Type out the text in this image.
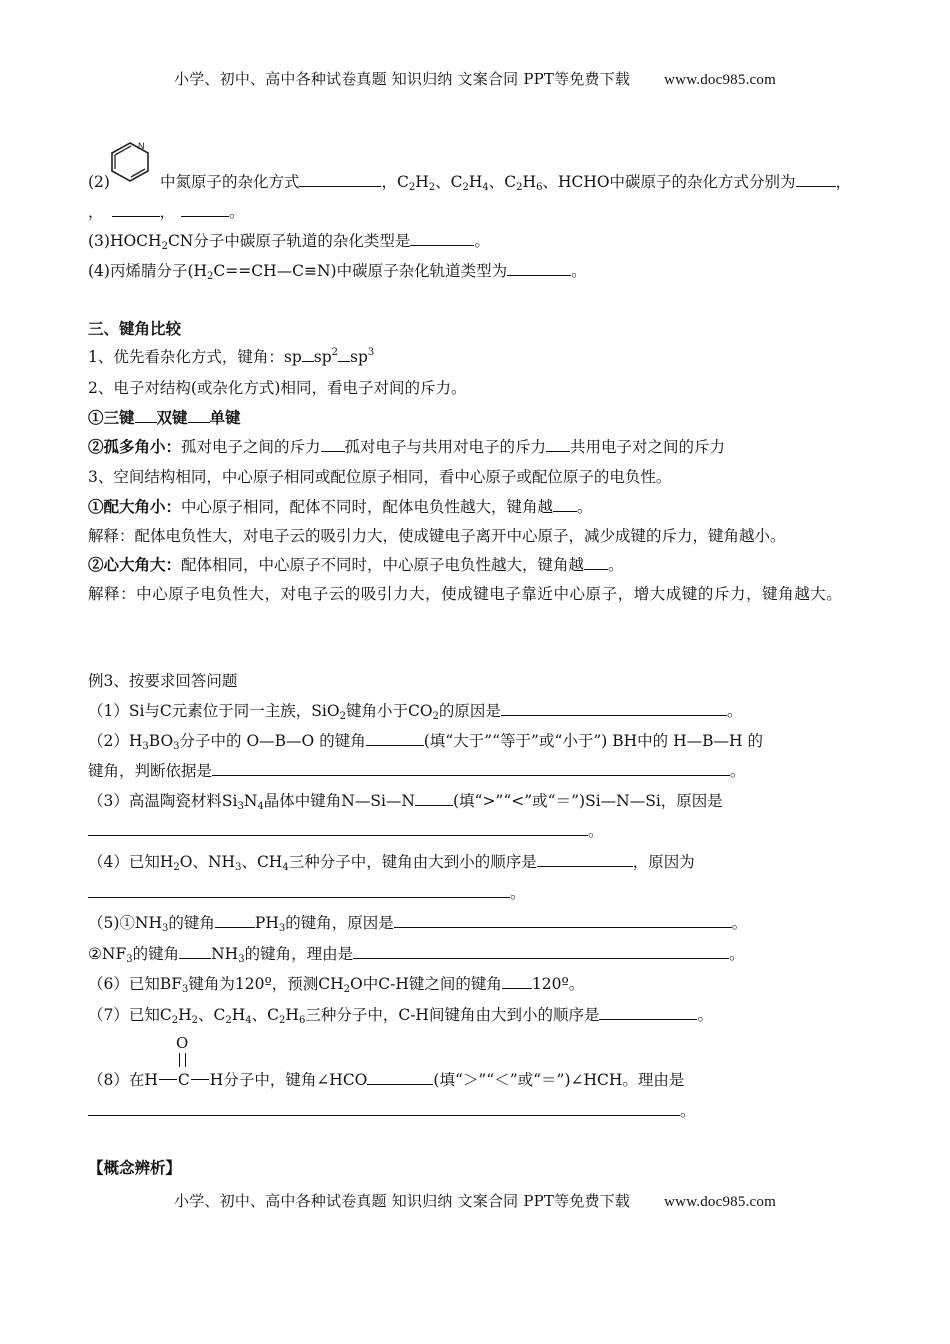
小学、初中、高中各种试卷真题 知识归纳 文案合同 PPT等免费下载 www.doc985.com
N
(2)	中氮原子的杂化方式	，$C_2H_2$、$C_2H_4$、$C_2H_6$、HCHO中碳原子的杂化方式分别为	，
，	，	。
$(3)HOCH_2CN$分子中碳原子轨道的杂化类型是	。
(4)丙烯腈分子$(H_2C==CH—C\equiv N)$中碳原子杂化轨道类型为	。
三、键角比较
1、优先看杂化方式，键角：sp $sp^2$ $sp^3$
2、电子对结构(或杂化方式)相同，看电子对间的斥力。
①三键 双键 单键
②孤多角小：孤对电子之间的斥力 孤对电子与共用对电子的斥力 共用电子对之间的斥力
3、空间结构相同，中心原子相同或配位原子相同，看中心原子或配位原子的电负性。
①配大角小：中心原子相同，配体不同时，配体电负性越大，键角越 。
解释：配体电负性大，对电子云的吸引力大，使成键电子离开中心原子，减少成键的斥力，键角越小。
②心大角大：配体相同，中心原子不同时，中心原子电负性越大，键角越 。
解释：中心原子电负性大，对电子云的吸引力大，使成键电子靠近中心原子，增大成键的斥力，键角越大。
例3、按要求回答问题
（1）Si与C元素位于同一主族，SiO$_2$键角小于$CO_2$的原因是	。
$(2)H_3BO_3$分子中的 O—B—O 的键角	(填“大于”“等于”或“小于”) BH中的 H—B—H 的
键角，判断依据是	。
（3）高温陶瓷材料$Si_3N_4$晶体中键角N—Si—N (填“>”“<”或“＝”)Si—N—Si，原因是
。
（4）已知$H_2O$、$NH_3$、$CH_4$三种分子中，键角由大到小的顺序是	，原因为
。
$(5)①NH_3$的键角	$PH_3$的键角，原因是	。
$②NF_3$的键角 $NH_3$的键角，理由是	。
（6）已知$BF_3$键角为120º，预测$CH_2O$中C-H键之间的键角 120º。
（7）已知$C_2H_2$、$C_2H_4$、$C_2H_6$三种分子中，C-H间键角由大到小的顺序是	。
O
（8）在H C H分子中，键角∠HCO	(填“＞”“＜”或“＝”)∠HCH。理由是
。
【概念辨析】
小学、初中、高中各种试卷真题 知识归纳 文案合同 PPT等免费下载 www.doc985.com
